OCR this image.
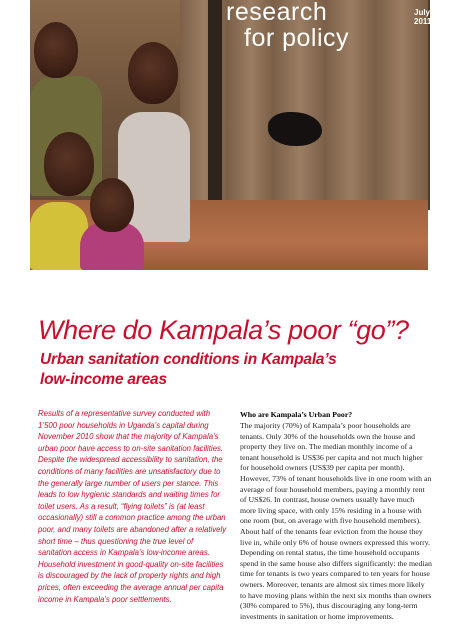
research
for policy
July 2011
Where do Kampala’s poor “go”?
Urban sanitation conditions in Kampala’s low-income areas
Results of a representative survey conducted with 1’500 poor households in Uganda’s capital during November 2010 show that the majority of Kampala’s urban poor have access to on-site sanitation facilities. Despite the widespread accessibility to sanitation, the conditions of many facilities are unsatisfactory due to the generally large number of users per stance. This leads to low hygienic standards and waiting times for toilet users. As a result, “flying toilets” is (at least occasionally) still a common practice among the urban poor, and many toilets are abandoned after a relatively short time – thus questioning the true level of sanitation access in Kampala’s low-income areas. Household investment in good-quality on-site facilities is discouraged by the lack of property rights and high prices, often exceeding the average annual per capita income in Kampala’s poor settlements.
Who are Kampala’s Urban Poor?
The majority (70%) of Kampala’s poor households are tenants. Only 30% of the households own the house and property they live on. The median monthly income of a tenant household is US$36 per capita and not much higher for household owners (US$39 per capita per month). However, 73% of tenant households live in one room with an average of four household members, paying a monthly rent of US$26. In contrast, house owners usually have much more living space, with only 15% residing in a house with one room (but, on average with five household members). About half of the tenants fear eviction from the house they live in, while only 6% of house owners expressed this worry. Depending on rental status, the time household occupants spend in the same house also differs significantly: the median time for tenants is two years compared to ten years for house owners. Moreover, tenants are almost six times more likely to have moving plans within the next six months than owners (30% compared to 5%), thus discouraging any long-term investments in sanitation or home improvements.
